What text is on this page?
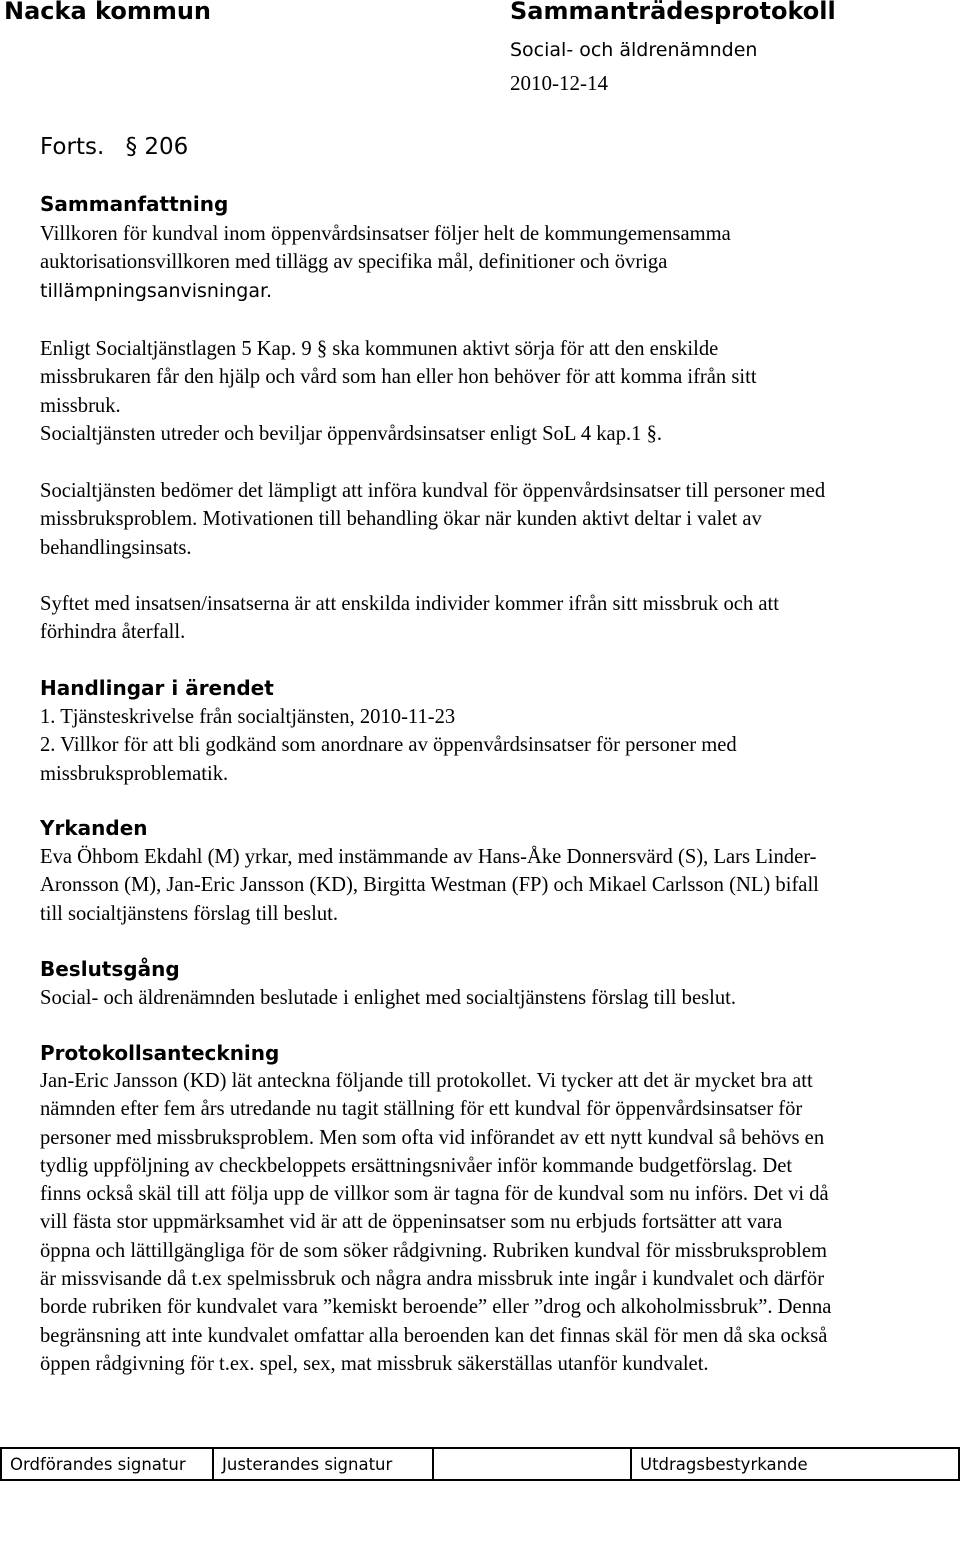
Nacka kommun	Sammanträdesprotokoll
Social- och äldrenämnden
2010-12-14
Forts. § 206
Sammanfattning
Villkoren för kundval inom öppenvårdsinsatser följer helt de kommungemensamma
auktorisationsvillkoren med tillägg av specifika mål, definitioner och övriga
tillämpningsanvisningar.
Enligt Socialtjänstlagen 5 Kap. 9 § ska kommunen aktivt sörja för att den enskilde
missbrukaren får den hjälp och vård som han eller hon behöver för att komma ifrån sitt
missbruk.
Socialtjänsten utreder och beviljar öppenvårdsinsatser enligt SoL 4 kap.1 §.
Socialtjänsten bedömer det lämpligt att införa kundval för öppenvårdsinsatser till personer med
missbruksproblem. Motivationen till behandling ökar när kunden aktivt deltar i valet av
behandlingsinsats.
Syftet med insatsen/insatserna är att enskilda individer kommer ifrån sitt missbruk och att
förhindra återfall.
Handlingar i ärendet
1. Tjänsteskrivelse från socialtjänsten, 2010-11-23
2. Villkor för att bli godkänd som anordnare av öppenvårdsinsatser för personer med
missbruksproblematik.
Yrkanden
Eva Öhbom Ekdahl (M) yrkar, med instämmande av Hans-Åke Donnersvärd (S), Lars Linder-
Aronsson (M), Jan-Eric Jansson (KD), Birgitta Westman (FP) och Mikael Carlsson (NL) bifall
till socialtjänstens förslag till beslut.
Beslutsgång
Social- och äldrenämnden beslutade i enlighet med socialtjänstens förslag till beslut.
Protokollsanteckning
Jan-Eric Jansson (KD) lät anteckna följande till protokollet. Vi tycker att det är mycket bra att
nämnden efter fem års utredande nu tagit ställning för ett kundval för öppenvårdsinsatser för
personer med missbruksproblem. Men som ofta vid införandet av ett nytt kundval så behövs en
tydlig uppföljning av checkbeloppets ersättningsnivåer inför kommande budgetförslag. Det
finns också skäl till att följa upp de villkor som är tagna för de kundval som nu införs. Det vi då
vill fästa stor uppmärksamhet vid är att de öppeninsatser som nu erbjuds fortsätter att vara
öppna och lättillgängliga för de som söker rådgivning. Rubriken kundval för missbruksproblem
är missvisande då t.ex spelmissbruk och några andra missbruk inte ingår i kundvalet och därför
borde rubriken för kundvalet vara ”kemiskt beroende” eller ”drog och alkoholmissbruk”. Denna
begränsning att inte kundvalet omfattar alla beroenden kan det finnas skäl för men då ska också
öppen rådgivning för t.ex. spel, sex, mat missbruk säkerställas utanför kundvalet.
Ordförandes signatur	Justerandes signatur		Utdragsbestyrkande
